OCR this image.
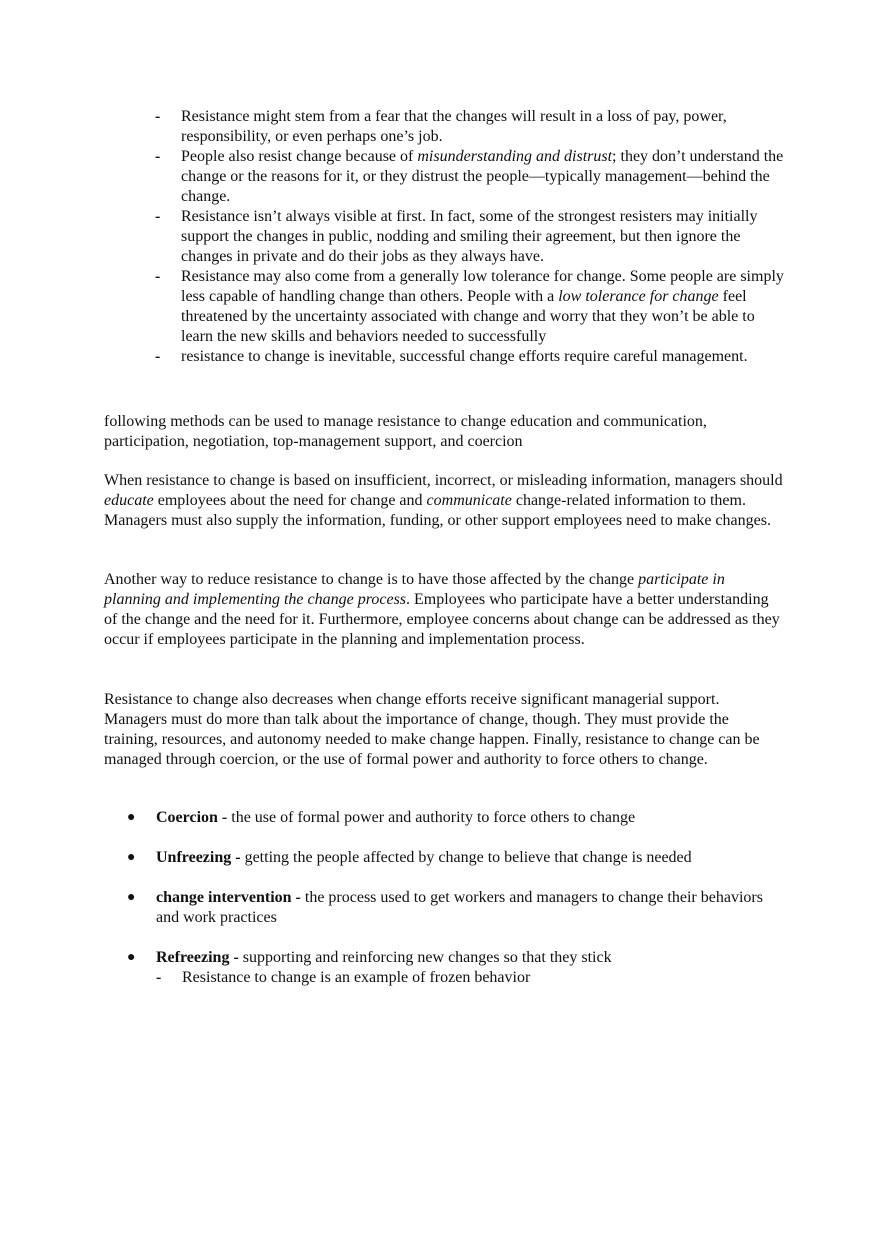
- Resistance might stem from a fear that the changes will result in a loss of pay, power, responsibility, or even perhaps one’s job.
- People also resist change because of misunderstanding and distrust; they don’t understand the change or the reasons for it, or they distrust the people—typically management—behind the change.
- Resistance isn’t always visible at first. In fact, some of the strongest resisters may initially support the changes in public, nodding and smiling their agreement, but then ignore the changes in private and do their jobs as they always have.
- Resistance may also come from a generally low tolerance for change. Some people are simply less capable of handling change than others. People with a low tolerance for change feel threatened by the uncertainty associated with change and worry that they won’t be able to learn the new skills and behaviors needed to successfully
- resistance to change is inevitable, successful change efforts require careful management.

following methods can be used to manage resistance to change education and communication, participation, negotiation, top-management support, and coercion

When resistance to change is based on insufficient, incorrect, or misleading information, managers should educate employees about the need for change and communicate change-related information to them. Managers must also supply the information, funding, or other support employees need to make changes.

Another way to reduce resistance to change is to have those affected by the change participate in planning and implementing the change process. Employees who participate have a better understanding of the change and the need for it. Furthermore, employee concerns about change can be addressed as they occur if employees participate in the planning and implementation process.

Resistance to change also decreases when change efforts receive significant managerial support. Managers must do more than talk about the importance of change, though. They must provide the training, resources, and autonomy needed to make change happen. Finally, resistance to change can be managed through coercion, or the use of formal power and authority to force others to change.

● Coercion - the use of formal power and authority to force others to change
● Unfreezing - getting the people affected by change to believe that change is needed
● change intervention - the process used to get workers and managers to change their behaviors and work practices
● Refreezing - supporting and reinforcing new changes so that they stick
- Resistance to change is an example of frozen behavior
